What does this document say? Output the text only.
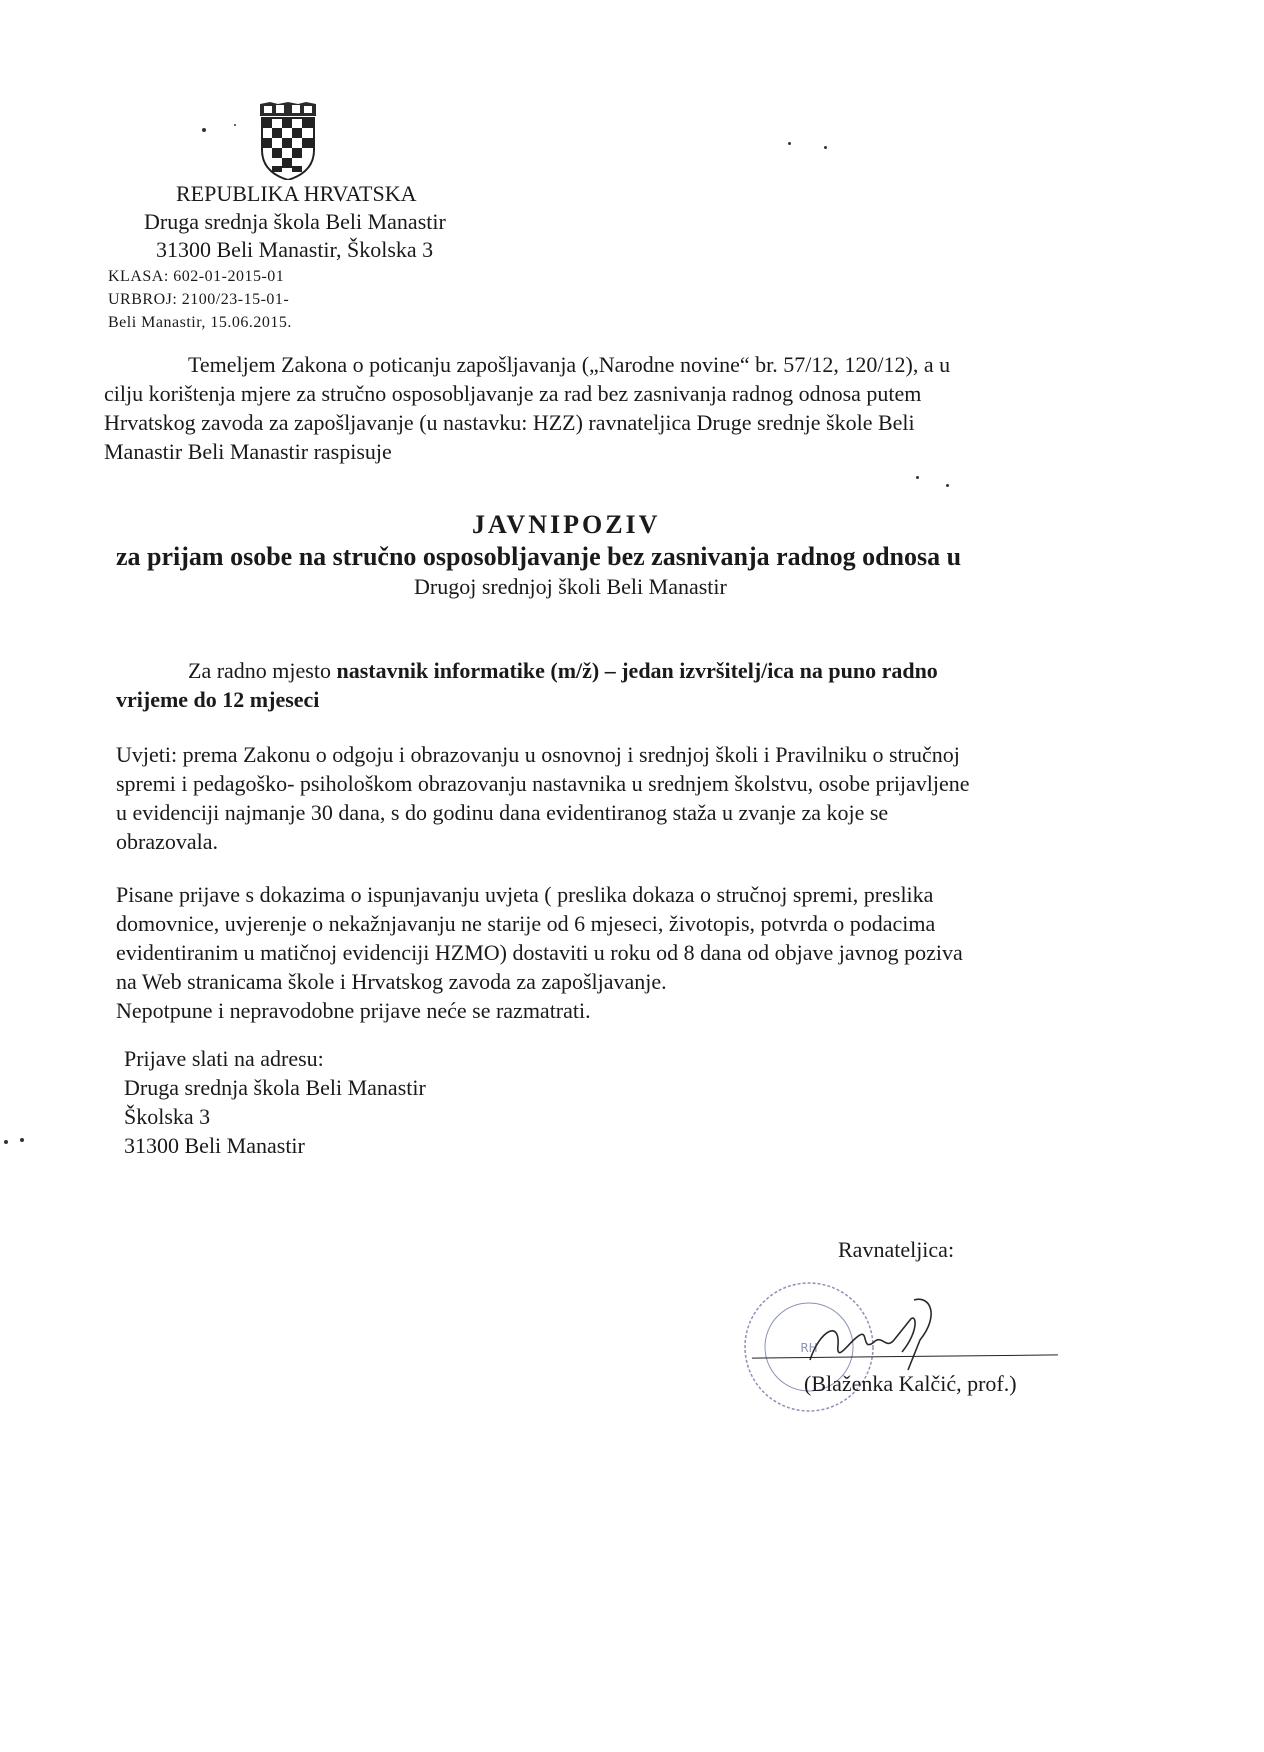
REPUBLIKA HRVATSKA
Druga srednja škola Beli Manastir
31300 Beli Manastir, Školska 3
KLASA: 602-01-2015-01
URBROJ: 2100/23-15-01-
Beli Manastir, 15.06.2015.
Temeljem Zakona o poticanju zapošljavanja („Narodne novine“ br. 57/12, 120/12), a u
cilju korištenja mjere za stručno osposobljavanje za rad bez zasnivanja radnog odnosa putem
Hrvatskog zavoda za zapošljavanje (u nastavku: HZZ) ravnateljica Druge srednje škole Beli
Manastir Beli Manastir raspisuje
JAVNIPOZIV
za prijam osobe na stručno osposobljavanje bez zasnivanja radnog odnosa u
Drugoj srednjoj školi Beli Manastir
Za radno mjesto nastavnik informatike (m/ž) – jedan izvršitelj/ica na puno radno
vrijeme do 12 mjeseci
Uvjeti: prema Zakonu o odgoju i obrazovanju u osnovnoj i srednjoj školi i Pravilniku o stručnoj
spremi i pedagoško- psihološkom obrazovanju nastavnika u srednjem školstvu, osobe prijavljene
u evidenciji najmanje 30 dana, s do godinu dana evidentiranog staža u zvanje za koje se
obrazovala.
Pisane prijave s dokazima o ispunjavanju uvjeta ( preslika dokaza o stručnoj spremi, preslika
domovnice, uvjerenje o nekažnjavanju ne starije od 6 mjeseci, životopis, potvrda o podacima
evidentiranim u matičnoj evidenciji HZMO) dostaviti u roku od 8 dana od objave javnog poziva
na Web stranicama škole i Hrvatskog zavoda za zapošljavanje.
Nepotpune i nepravodobne prijave neće se razmatrati.
Prijave slati na adresu:
Druga srednja škola Beli Manastir
Školska 3
31300 Beli Manastir
Ravnateljica:
RH
(Blaženka Kalčić, prof.)
